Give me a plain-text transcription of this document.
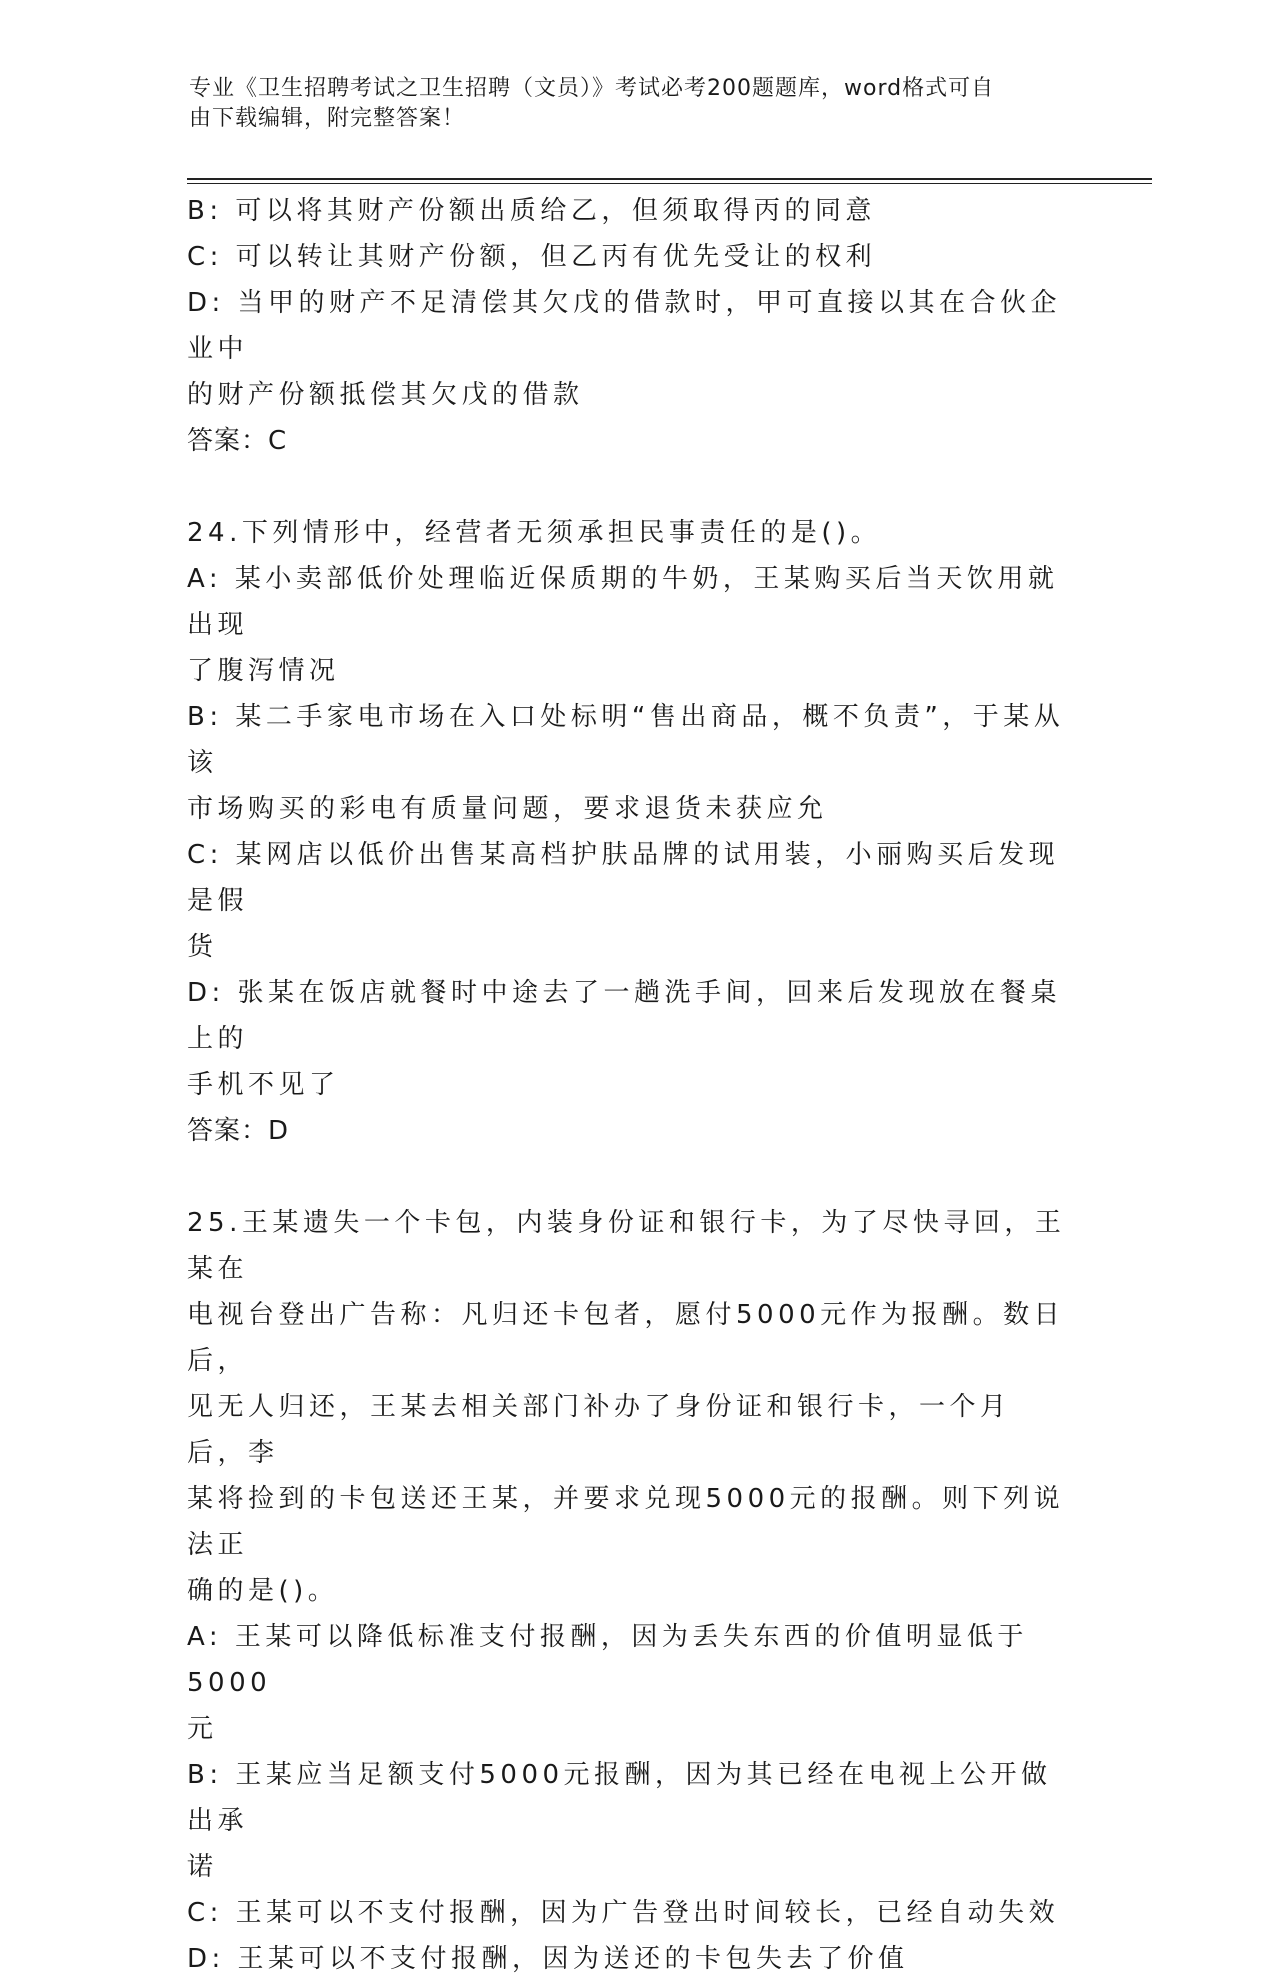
专业《卫生招聘考试之卫生招聘（文员）》考试必考200题题库，word格式可自
由下载编辑，附完整答案！

B: 可以将其财产份额出质给乙，但须取得丙的同意

C: 可以转让其财产份额，但乙丙有优先受让的权利

D: 当甲的财产不足清偿其欠戊的借款时，甲可直接以其在合伙企业中

的财产份额抵偿其欠戊的借款

答案：C

24.下列情形中，经营者无须承担民事责任的是()。

A: 某小卖部低价处理临近保质期的牛奶，王某购买后当天饮用就出现

了腹泻情况

B: 某二手家电市场在入口处标明“售出商品，概不负责”，于某从该

市场购买的彩电有质量问题，要求退货未获应允

C: 某网店以低价出售某高档护肤品牌的试用装，小丽购买后发现是假

货

D: 张某在饭店就餐时中途去了一趟洗手间，回来后发现放在餐桌上的

手机不见了

答案：D

25.王某遗失一个卡包，内装身份证和银行卡，为了尽快寻回，王某在

电视台登出广告称：凡归还卡包者，愿付5000元作为报酬。数日后，

见无人归还，王某去相关部门补办了身份证和银行卡，一个月后，李

某将捡到的卡包送还王某，并要求兑现5000元的报酬。则下列说法正

确的是()。

A: 王某可以降低标准支付报酬，因为丢失东西的价值明显低于5000

元

B: 王某应当足额支付5000元报酬，因为其已经在电视上公开做出承

诺

C: 王某可以不支付报酬，因为广告登出时间较长，已经自动失效

D: 王某可以不支付报酬，因为送还的卡包失去了价值
